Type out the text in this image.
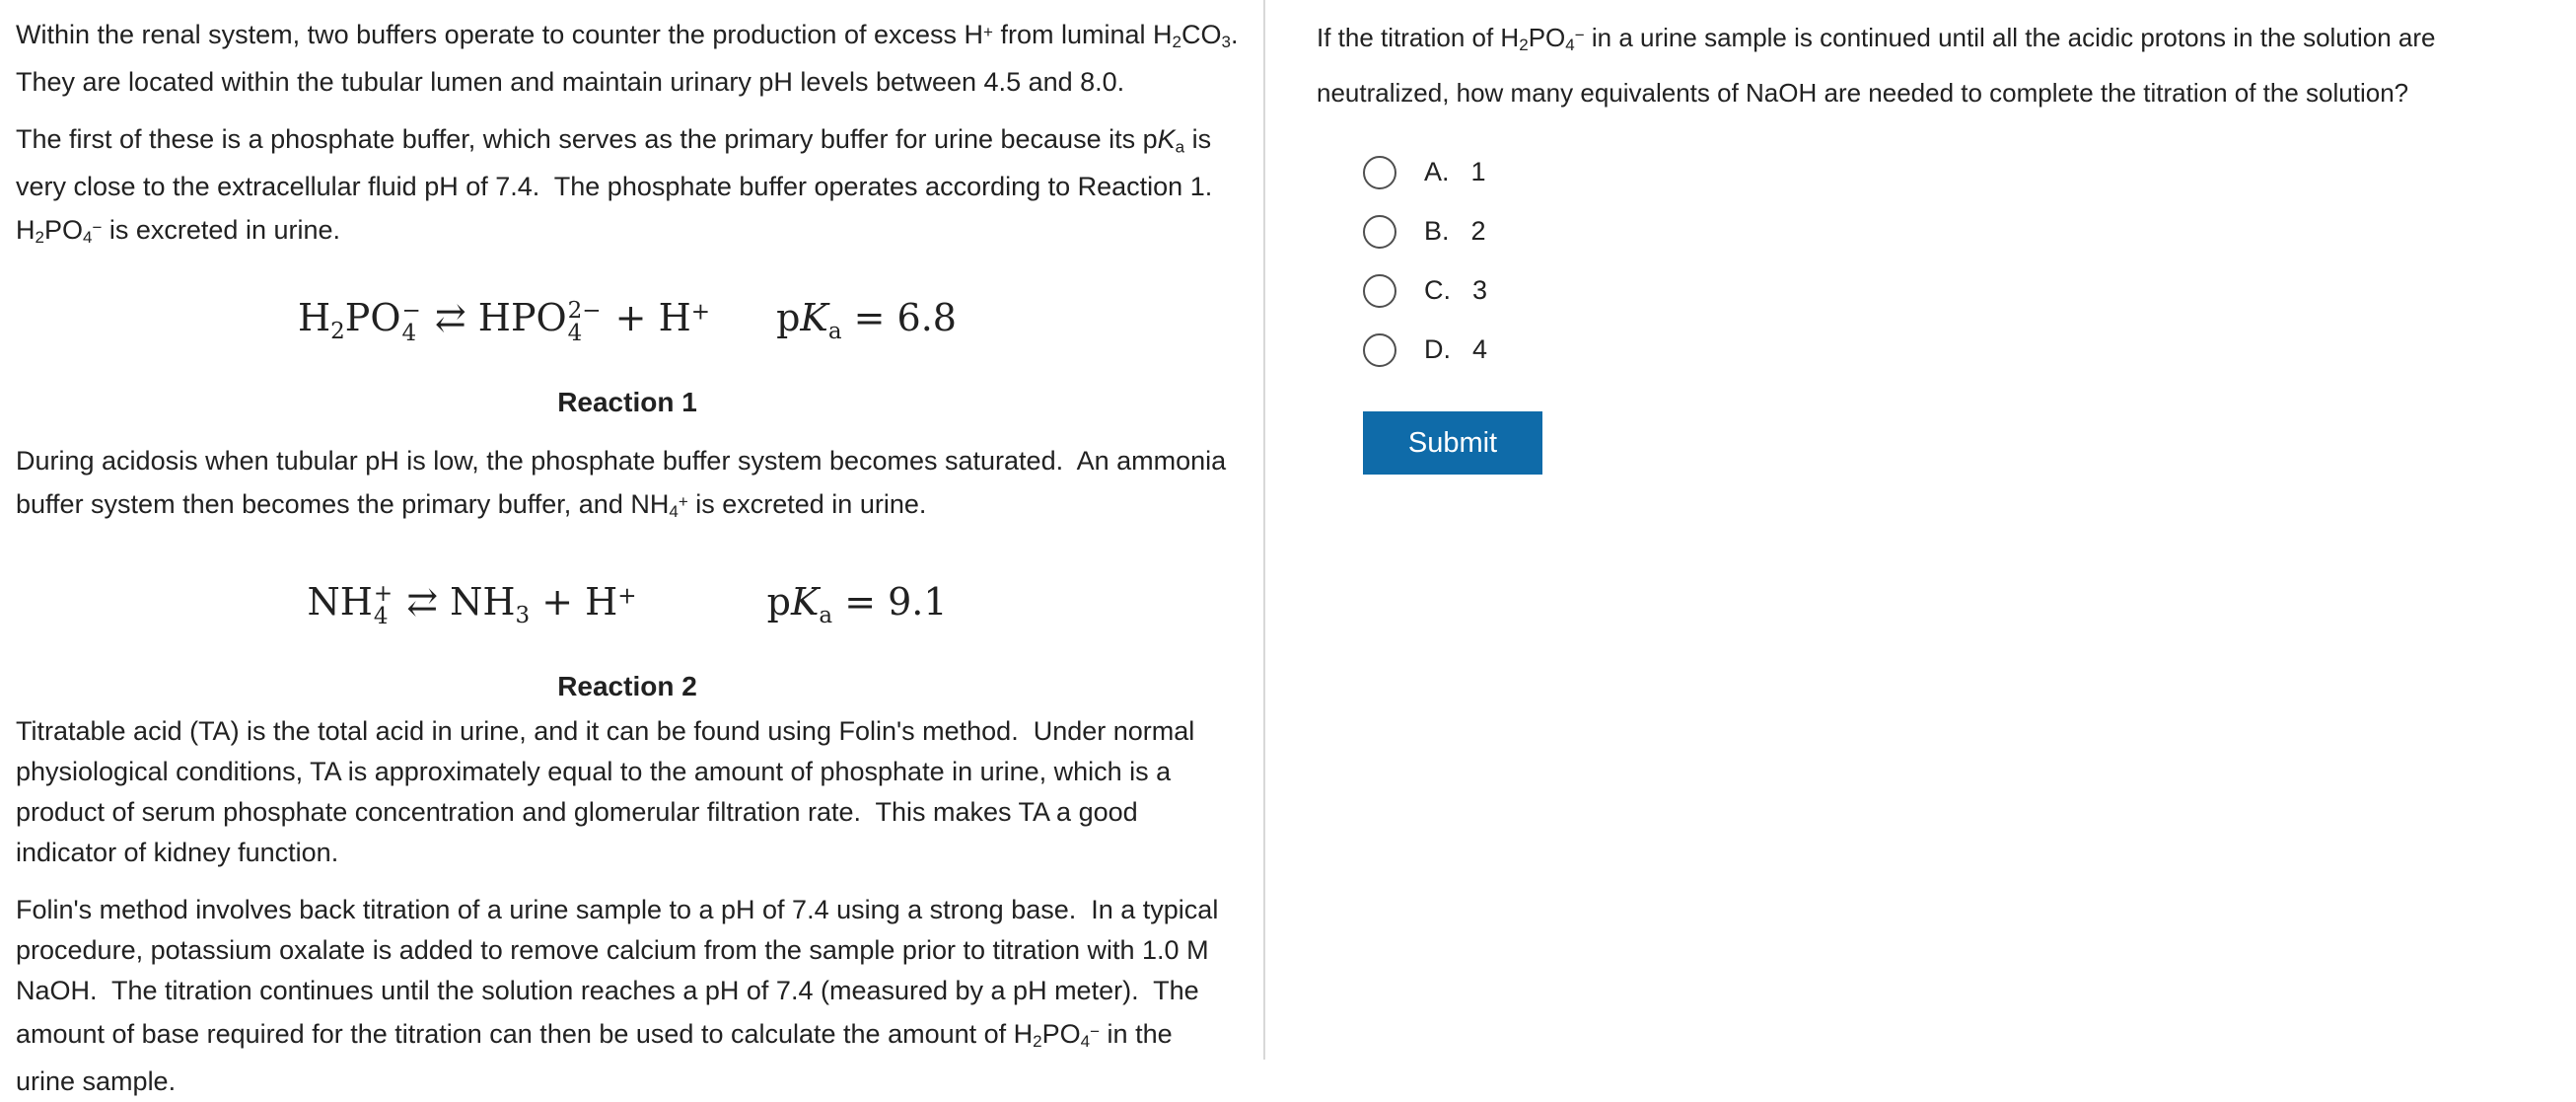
Within the renal system, two buffers operate to counter the production of excess H+ from luminal $H_2CO_3$.  They are located within the tubular lumen and maintain urinary pH levels between 4.5 and 8.0.

The first of these is a phosphate buffer, which serves as the primary buffer for urine because its $pK_a$ is very close to the extracellular fluid pH of 7.4.  The phosphate buffer operates according to Reaction 1.  $H_2PO_4^-$ is excreted in urine.

$H_2PO$ −
4 ⇄ HPO 2−
4 + H+ $pK_a = 6.8$
Reaction 1

During acidosis when tubular pH is low, the phosphate buffer system becomes saturated.  An ammonia buffer system then becomes the primary buffer, and $NH_4^+$ is excreted in urine.

NH +
4 ⇄ $NH_3 + H^+$	$pK_a = 9.1$
Reaction 2

Titratable acid (TA) is the total acid in urine, and it can be found using Folin's method.  Under normal physiological conditions, TA is approximately equal to the amount of phosphate in urine, which is a product of serum phosphate concentration and glomerular filtration rate.  This makes TA a good indicator of kidney function.

Folin's method involves back titration of a urine sample to a pH of 7.4 using a strong base.  In a typical procedure, potassium oxalate is added to remove calcium from the sample prior to titration with 1.0 M NaOH.  The titration continues until the solution reaches a pH of 7.4 (measured by a pH meter).  The amount of base required for the titration can then be used to calculate the amount of $H_2PO_4^-$ in the urine sample.

If the titration of $H_2PO_4^-$ in a urine sample is continued until all the acidic protons in the solution are neutralized, how many equivalents of NaOH are needed to complete the titration of the solution?

A. 1
B. 2
C. 3
D. 4
Submit
